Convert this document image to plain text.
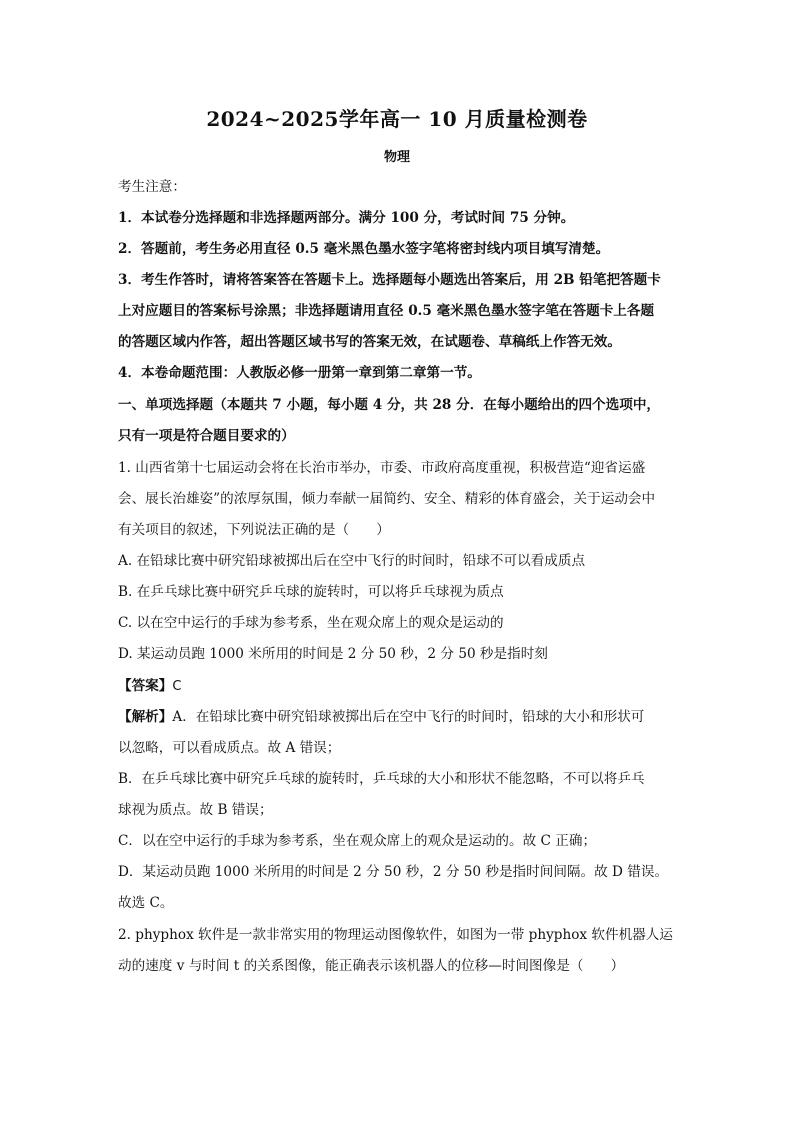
2024~2025学年高一 10 月质量检测卷
物理
考生注意：
1．本试卷分选择题和非选择题两部分。满分 100 分，考试时间 75 分钟。
2．答题前，考生务必用直径 0.5 毫米黑色墨水签字笔将密封线内项目填写清楚。
3．考生作答时，请将答案答在答题卡上。选择题每小题选出答案后，用 2B 铅笔把答题卡
上对应题目的答案标号涂黑；非选择题请用直径 0.5 毫米黑色墨水签字笔在答题卡上各题
的答题区域内作答，超出答题区域书写的答案无效，在试题卷、草稿纸上作答无效。
4．本卷命题范围：人教版必修一册第一章到第二章第一节。
一、单项选择题（本题共 7 小题，每小题 4 分，共 28 分．在每小题给出的四个选项中，
只有一项是符合题目要求的）
1. 山西省第十七届运动会将在长治市举办，市委、市政府高度重视，积极营造“迎省运盛
会、展长治雄姿”的浓厚氛围，倾力奉献一届简约、安全、精彩的体育盛会，关于运动会中
有关项目的叙述，下列说法正确的是（　　）
A. 在铅球比赛中研究铅球被掷出后在空中飞行的时间时，铅球不可以看成质点
B. 在乒乓球比赛中研究乒乓球的旋转时，可以将乒乓球视为质点
C. 以在空中运行的手球为参考系，坐在观众席上的观众是运动的
D. 某运动员跑 1000 米所用的时间是 2 分 50 秒，2 分 50 秒是指时刻
【答案】C
【解析】A．在铅球比赛中研究铅球被掷出后在空中飞行的时间时，铅球的大小和形状可
以忽略，可以看成质点。故 A 错误；
B．在乒乓球比赛中研究乒乓球的旋转时，乒乓球的大小和形状不能忽略，不可以将乒乓
球视为质点。故 B 错误；
C．以在空中运行的手球为参考系，坐在观众席上的观众是运动的。故 C 正确；
D．某运动员跑 1000 米所用的时间是 2 分 50 秒，2 分 50 秒是指时间间隔。故 D 错误。
故选 C。
2. phyphox 软件是一款非常实用的物理运动图像软件，如图为一带 phyphox 软件机器人运
动的速度 v 与时间 t 的关系图像，能正确表示该机器人的位移—时间图像是（　　）
